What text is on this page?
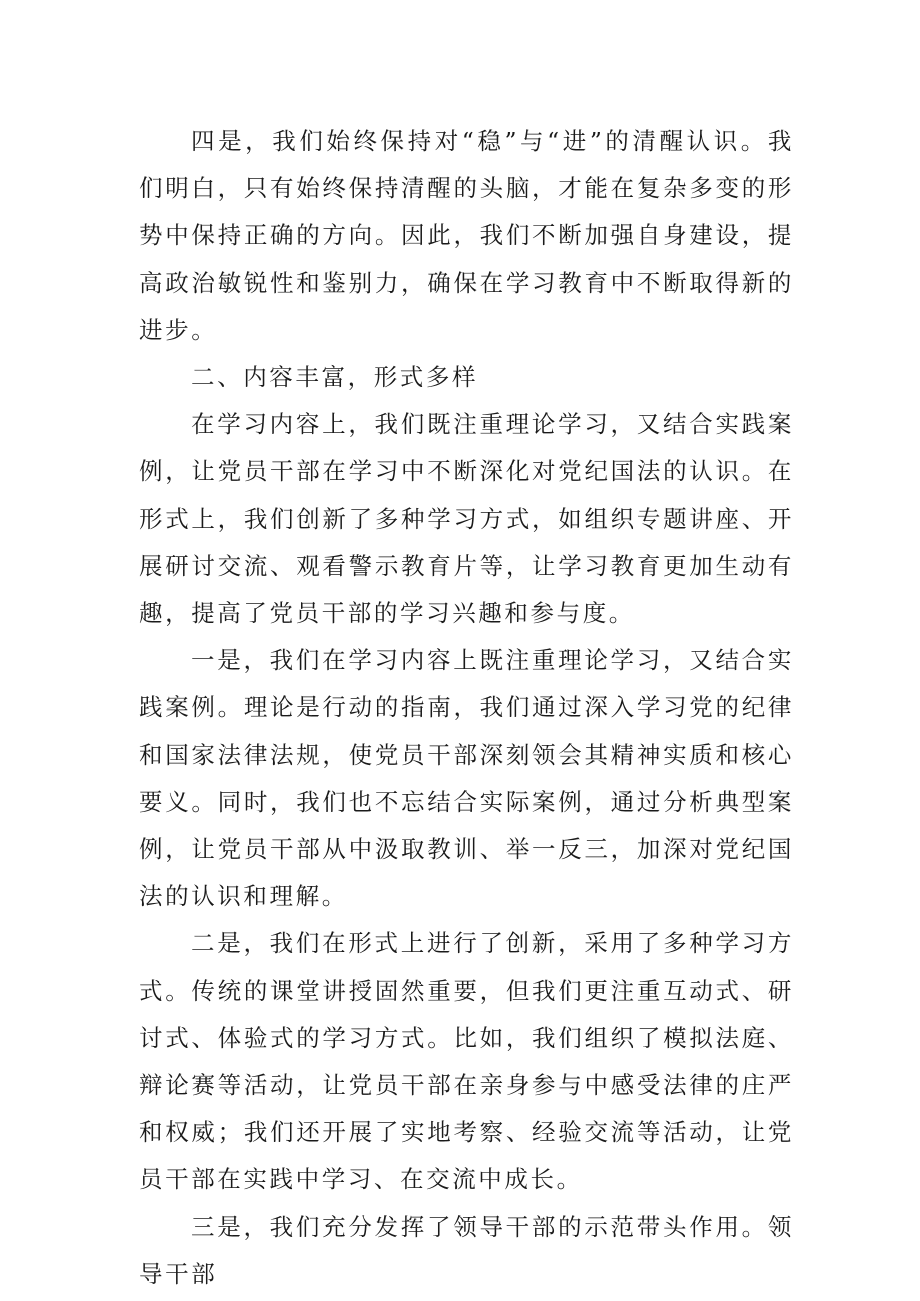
四是，我们始终保持对“稳”与“进”的清醒认识。我们明白，只有始终保持清醒的头脑，才能在复杂多变的形势中保持正确的方向。因此，我们不断加强自身建设，提高政治敏锐性和鉴别力，确保在学习教育中不断取得新的进步。

二、内容丰富，形式多样

在学习内容上，我们既注重理论学习，又结合实践案例，让党员干部在学习中不断深化对党纪国法的认识。在形式上，我们创新了多种学习方式，如组织专题讲座、开展研讨交流、观看警示教育片等，让学习教育更加生动有趣，提高了党员干部的学习兴趣和参与度。

一是，我们在学习内容上既注重理论学习，又结合实践案例。理论是行动的指南，我们通过深入学习党的纪律和国家法律法规，使党员干部深刻领会其精神实质和核心要义。同时，我们也不忘结合实际案例，通过分析典型案例，让党员干部从中汲取教训、举一反三，加深对党纪国法的认识和理解。

二是，我们在形式上进行了创新，采用了多种学习方式。传统的课堂讲授固然重要，但我们更注重互动式、研讨式、体验式的学习方式。比如，我们组织了模拟法庭、辩论赛等活动，让党员干部在亲身参与中感受法律的庄严和权威；我们还开展了实地考察、经验交流等活动，让党员干部在实践中学习、在交流中成长。

三是，我们充分发挥了领导干部的示范带头作用。领导干部
